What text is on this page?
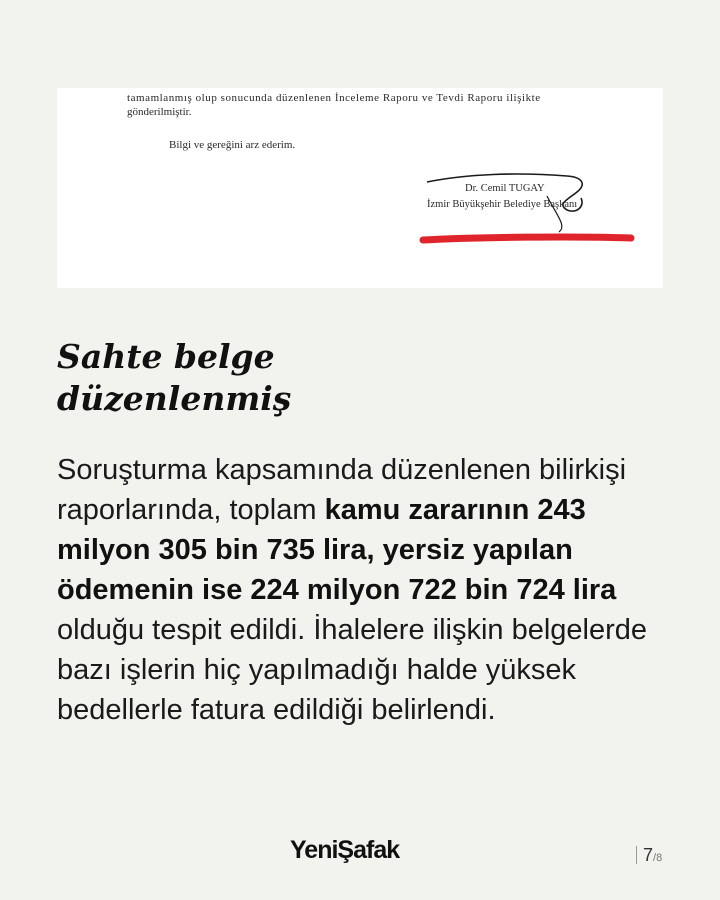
tamamlanmış olup sonucunda düzenlenen İnceleme Raporu ve Tevdi Raporu ilişikte
gönderilmiştir.
Bilgi ve gereğini arz ederim.
Dr. Cemil TUGAY
İzmir Büyükşehir Belediye Başkanı
Sahte belge
düzenlenmiş

Soruşturma kapsamında düzenlenen bilirkişi raporlarında, toplam kamu zararının 243 milyon 305 bin 735 lira, yersiz yapılan ödemenin ise 224 milyon 722 bin 724 lira olduğu tespit edildi. İhalelere ilişkin belgelerde bazı işlerin hiç yapılmadığı halde yüksek bedellerle fatura edildiği belirlendi.

YeniŞafak	7/8
